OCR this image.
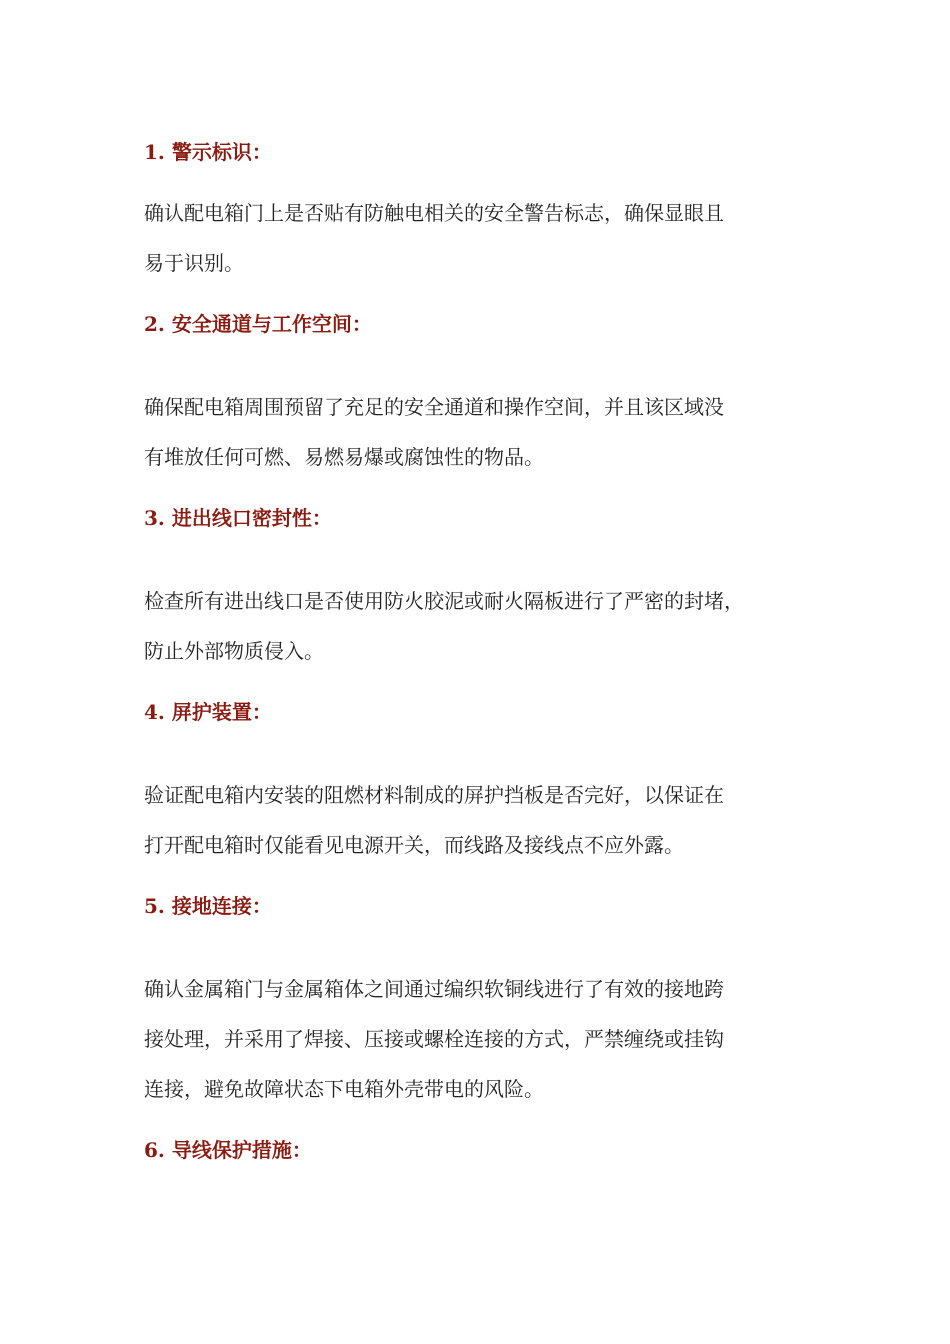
1. 警示标识：
确认配电箱门上是否贴有防触电相关的安全警告标志，确保显眼且
易于识别。
2. 安全通道与工作空间：
确保配电箱周围预留了充足的安全通道和操作空间，并且该区域没
有堆放任何可燃、易燃易爆或腐蚀性的物品。
3. 进出线口密封性：
检查所有进出线口是否使用防火胶泥或耐火隔板进行了严密的封堵，
防止外部物质侵入。
4. 屏护装置：
验证配电箱内安装的阻燃材料制成的屏护挡板是否完好，以保证在
打开配电箱时仅能看见电源开关，而线路及接线点不应外露。
5. 接地连接：
确认金属箱门与金属箱体之间通过编织软铜线进行了有效的接地跨
接处理，并采用了焊接、压接或螺栓连接的方式，严禁缠绕或挂钩
连接，避免故障状态下电箱外壳带电的风险。
6. 导线保护措施：
